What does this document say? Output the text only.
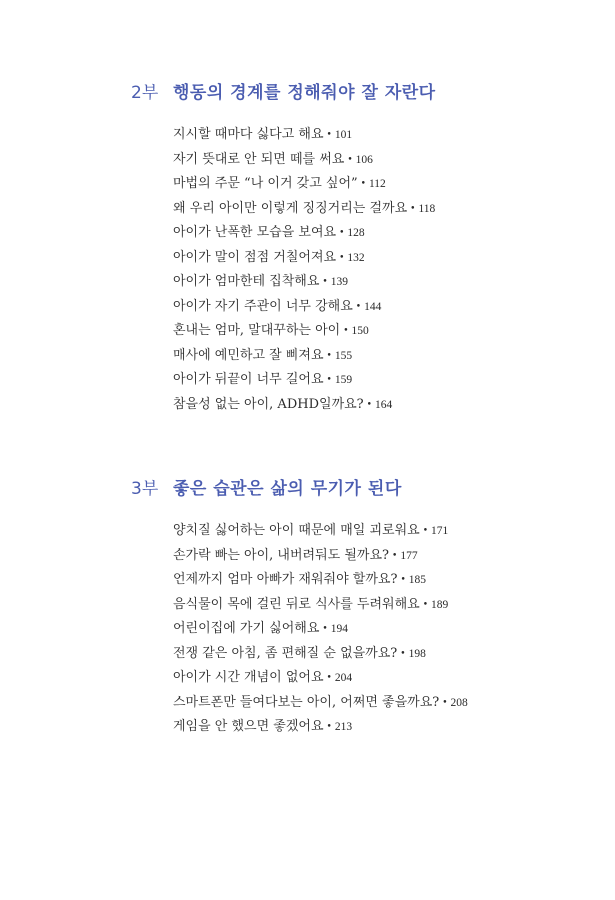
2부 행동의 경계를 정해줘야 잘 자란다
지시할 때마다 싫다고 해요 • 101
자기 뜻대로 안 되면 떼를 써요 • 106
마법의 주문 “나 이거 갖고 싶어” • 112
왜 우리 아이만 이렇게 징징거리는 걸까요 • 118
아이가 난폭한 모습을 보여요 • 128
아이가 말이 점점 거칠어져요 • 132
아이가 엄마한테 집착해요 • 139
아이가 자기 주관이 너무 강해요 • 144
혼내는 엄마, 말대꾸하는 아이 • 150
매사에 예민하고 잘 삐져요 • 155
아이가 뒤끝이 너무 길어요 • 159
참을성 없는 아이, ADHD일까요? • 164
3부 좋은 습관은 삶의 무기가 된다
양치질 싫어하는 아이 때문에 매일 괴로워요 • 171
손가락 빠는 아이, 내버려둬도 될까요? • 177
언제까지 엄마 아빠가 재워줘야 할까요? • 185
음식물이 목에 걸린 뒤로 식사를 두려워해요 • 189
어린이집에 가기 싫어해요 • 194
전쟁 같은 아침, 좀 편해질 순 없을까요? • 198
아이가 시간 개념이 없어요 • 204
스마트폰만 들여다보는 아이, 어쩌면 좋을까요? • 208
게임을 안 했으면 좋겠어요 • 213
